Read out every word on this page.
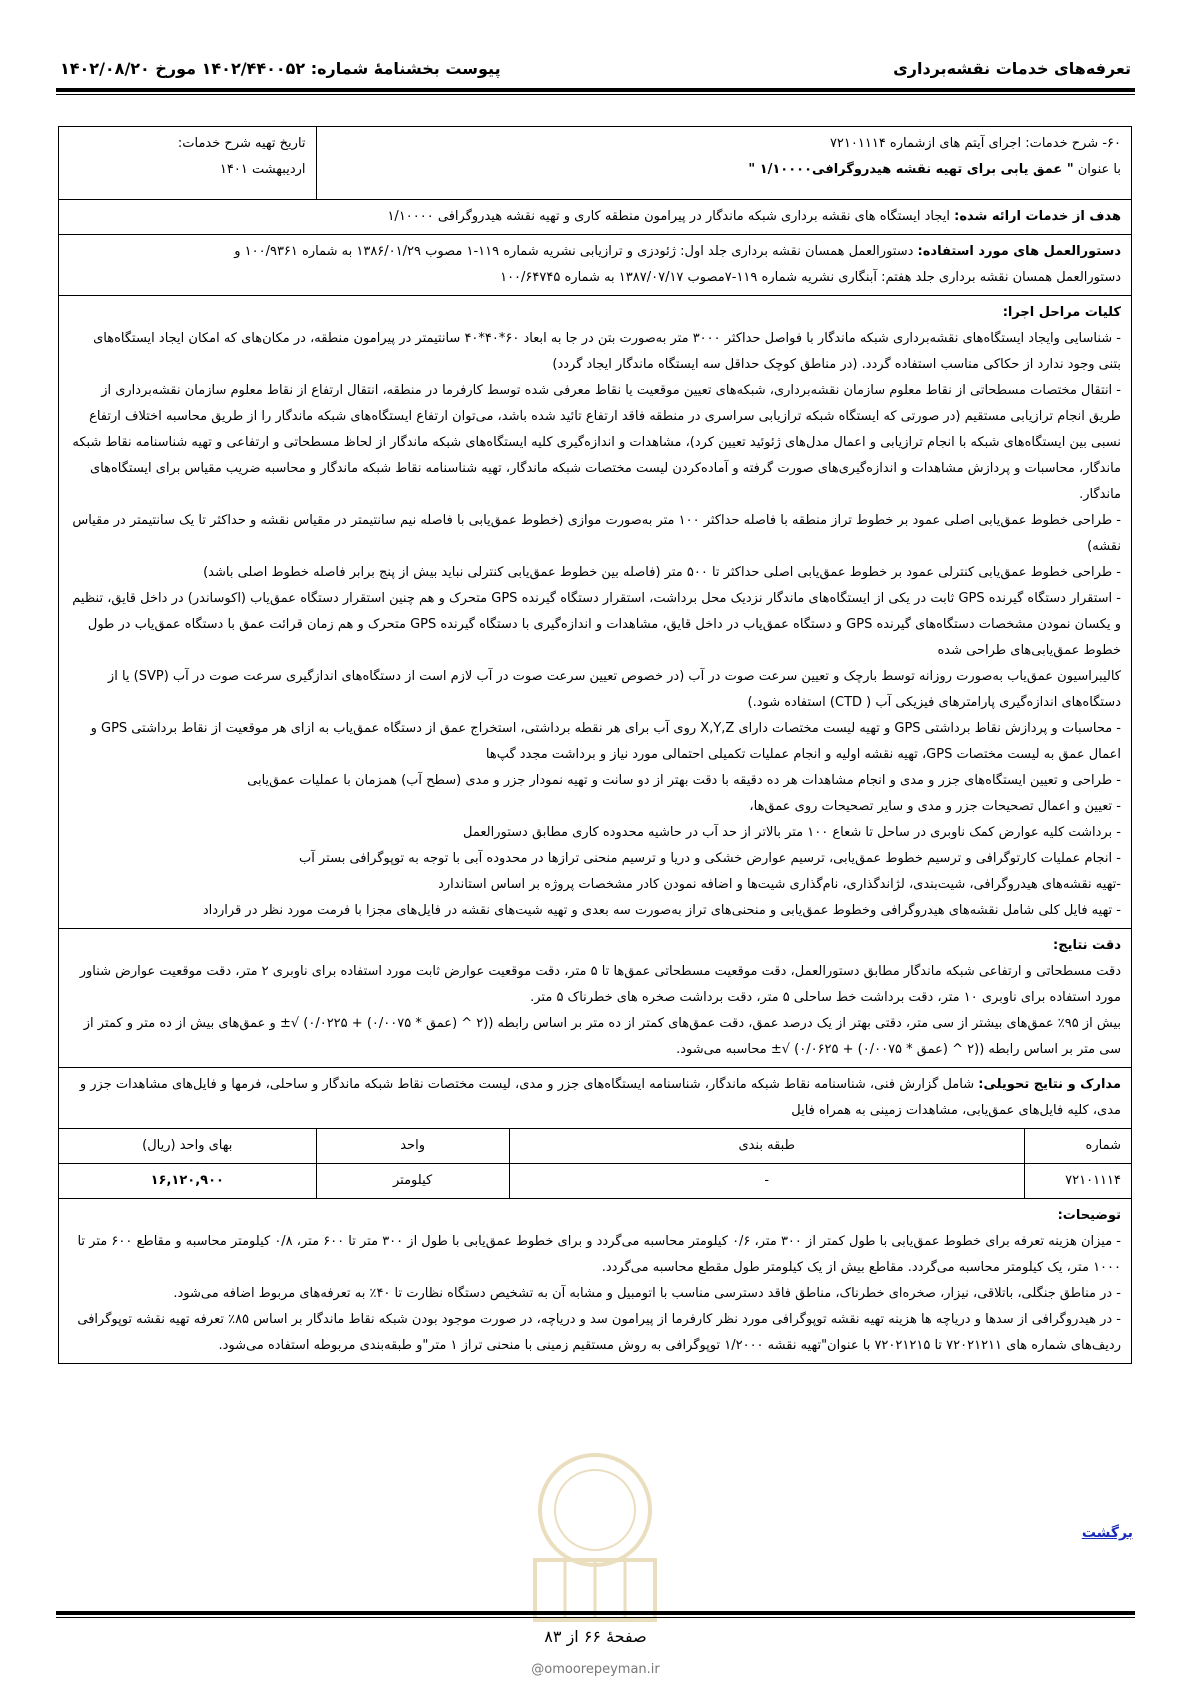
تعرفه‌های خدمات نقشه‌برداری
پیوست بخشنامهٔ شماره: ۱۴۰۲/۴۴۰۰۵۲ مورخ ۱۴۰۲/۰۸/۲۰
۶۰- شرح خدمات: اجرای آیتم های ازشماره ۷۲۱۰۱۱۱۴
با عنوان " عمق یابی برای تهیه نقشه هیدروگرافی۱/۱۰۰۰۰ "

تاریخ تهیه شرح خدمات:
اردیبهشت ۱۴۰۱

هدف از خدمات ارائه شده: ایجاد ایستگاه های نقشه برداری شبکه ماندگار در پیرامون منطقه کاری و تهیه نقشه هیدروگرافی ۱/۱۰۰۰۰

دستورالعمل های مورد استفاده: دستورالعمل همسان نقشه برداری جلد اول: ژئودزی و ترازیابی نشریه شماره ۱۱۹-۱ مصوب ۱۳۸۶/۰۱/۲۹ به شماره ۱۰۰/۹۳۶۱ و
دستورالعمل همسان نقشه برداری جلد هفتم: آبنگاری نشریه شماره ۱۱۹-۷مصوب ۱۳۸۷/۰۷/۱۷ به شماره ۱۰۰/۶۴۷۴۵

کلیات مراحل اجرا:
- شناسایی وایجاد ایستگاه‌های نقشه‌برداری شبکه ماندگار با فواصل حداکثر ۳۰۰۰ متر به‌صورت بتن در جا به ابعاد ۶۰*۴۰*۴۰ سانتیمتر در پیرامون منطقه، در مکان‌های که امکان ایجاد ایستگاه‌های بتنی وجود ندارد از حکاکی مناسب استفاده گردد. (در مناطق کوچک حداقل سه ایستگاه ماندگار ایجاد گردد)
- انتقال مختصات مسطحاتی از نقاط معلوم سازمان نقشه‌برداری، شبکه‌های تعیین موقعیت یا نقاط معرفی شده توسط کارفرما در منطقه، انتقال ارتفاع از نقاط معلوم سازمان نقشه‌برداری از طریق انجام ترازیابی مستقیم (در صورتی که ایستگاه شبکه ترازیابی سراسری در منطقه فاقد ارتفاع تائید شده باشد، می‌توان ارتفاع ایستگاه‌های شبکه ماندگار را از طریق محاسبه اختلاف ارتفاع نسبی بین ایستگاه‌های شبکه با انجام ترازیابی و اعمال مدل‌های ژئوئید تعیین کرد)، مشاهدات و اندازه‌گیری کلیه ایستگاه‌های شبکه ماندگار از لحاظ مسطحاتی و ارتفاعی و تهیه شناسنامه نقاط شبکه ماندگار، محاسبات و پردازش مشاهدات و اندازه‌گیری‌های صورت گرفته و آماده‌کردن لیست مختصات شبکه ماندگار، تهیه شناسنامه نقاط شبکه ماندگار و محاسبه ضریب مقیاس برای ایستگاه‌های ماندگار.
- طراحی خطوط عمق‌یابی اصلی عمود بر خطوط تراز منطقه با فاصله حداکثر ۱۰۰ متر به‌صورت موازی (خطوط عمق‌یابی با فاصله نیم سانتیمتر در مقیاس نقشه و حداکثر تا یک سانتیمتر در مقیاس نقشه)
- طراحی خطوط عمق‌یابی کنترلی عمود بر خطوط عمق‌یابی اصلی حداکثر تا ۵۰۰ متر (فاصله بین خطوط عمق‌یابی کنترلی نباید بیش از پنج برابر فاصله خطوط اصلی باشد)
- استقرار دستگاه گیرنده GPS ثابت در یکی از ایستگاه‌های ماندگار نزدیک محل برداشت، استقرار دستگاه گیرنده GPS متحرک و هم چنین استقرار دستگاه عمق‌یاب (اکوساندر) در داخل قایق، تنظیم و یکسان نمودن مشخصات دستگاه‌های گیرنده GPS و دستگاه عمق‌یاب در داخل قایق، مشاهدات و اندازه‌گیری با دستگاه گیرنده GPS متحرک و هم زمان قرائت عمق با دستگاه عمق‌یاب در طول خطوط عمق‌یابی‌های طراحی شده
کالیبراسیون عمق‌یاب به‌صورت روزانه توسط بارچک و تعیین سرعت صوت در آب (در خصوص تعیین سرعت صوت در آب لازم است از دستگاه‌های اندازگیری سرعت صوت در آب (SVP) یا از دستگاه‌های اندازه‌گیری پارامترهای فیزیکی آب ( CTD) استفاده شود.)
- محاسبات و پردازش نقاط برداشتی GPS و تهیه لیست مختصات دارای X,Y,Z روی آب برای هر نقطه برداشتی، استخراج عمق از دستگاه عمق‌یاب به ازای هر موقعیت از نقاط برداشتی GPS و اعمال عمق به لیست مختصات GPS، تهیه نقشه اولیه و انجام عملیات تکمیلی احتمالی مورد نیاز و برداشت مجدد گپ‌ها
- طراحی و تعیین ایستگاه‌های جزر و مدی و انجام مشاهدات هر ده دقیقه با دقت بهتر از دو سانت و تهیه نمودار جزر و مدی (سطح آب) همزمان با عملیات عمق‌یابی
- تعیین و اعمال تصحیحات جزر و مدی و سایر تصحیحات روی عمق‌ها،
- برداشت کلیه عوارض کمک ناوبری در ساحل تا شعاع ۱۰۰ متر بالاتر از حد آب در حاشیه محدوده کاری مطابق دستورالعمل
- انجام عملیات کارتوگرافی و ترسیم خطوط عمق‌یابی، ترسیم عوارض خشکی و دریا و ترسیم منحنی ترازها در محدوده آبی با توجه به توپوگرافی بستر آب
-تهیه نقشه‌های هیدروگرافی، شیت‌بندی، لژاندگذاری، نام‌گذاری شیت‌ها و اضافه نمودن کادر مشخصات پروژه بر اساس استاندارد
- تهیه فایل کلی شامل نقشه‌های هیدروگرافی وخطوط عمق‌یابی و منحنی‌های تراز به‌صورت سه بعدی و تهیه شیت‌های نقشه در فایل‌های مجزا با فرمت مورد نظر در قرارداد

دقت نتایج:
دقت مسطحاتی و ارتفاعی شبکه ماندگار مطابق دستورالعمل، دقت موقعیت مسطحاتی عمق‌ها تا ۵ متر، دقت موقعیت عوارض ثابت مورد استفاده برای ناوبری ۲ متر، دقت موقعیت عوارض شناور مورد استفاده برای ناوبری ۱۰ متر، دقت برداشت خط ساحلی ۵ متر، دقت برداشت صخره های خطرناک ۵ متر.
بیش از ۹۵٪ عمق‌های بیشتر از سی متر، دقتی بهتر از یک درصد عمق، دقت عمق‌های کمتر از ده متر بر اساس رابطه ((۲ ^ (عمق * ۰/۰۰۷۵) + ۰/۰۲۲۵) √± و عمق‌های بیش از ده متر و کمتر از سی متر بر اساس رابطه ((۲ ^ (عمق * ۰/۰۰۷۵) + ۰/۰۶۲۵) √± محاسبه می‌شود.

مدارک و نتایج تحویلی: شامل گزارش فنی، شناسنامه نقاط شبکه ماندگار، شناسنامه ایستگاه‌های جزر و مدی، لیست مختصات نقاط شبکه ماندگار و ساحلی، فرمها و فایل‌های مشاهدات جزر و مدی، کلیه فایل‌های عمق‌یابی، مشاهدات زمینی به همراه فایل
شماره	طبقه بندی	واحد	بهای واحد (ریال)
۷۲۱۰۱۱۱۴	-	کیلومتر	۱۶,۱۲۰,۹۰۰
توضیحات:
- میزان هزینه تعرفه برای خطوط عمق‌یابی با طول کمتر از ۳۰۰ متر، ۰/۶ کیلومتر محاسبه می‌گردد و برای خطوط عمق‌یابی با طول از ۳۰۰ متر تا ۶۰۰ متر، ۰/۸ کیلومتر محاسبه و مقاطع ۶۰۰ متر تا ۱۰۰۰ متر، یک کیلومتر محاسبه می‌گردد. مقاطع بیش از یک کیلومتر طول مقطع محاسبه می‌گردد.
- در مناطق جنگلی، باتلاقی، نیزار، صخره‌ای خطرناک، مناطق فاقد دسترسی مناسب با اتومبیل و مشابه آن به تشخیص دستگاه نظارت تا ۴۰٪ به تعرفه‌های مربوط اضافه می‌شود.
- در هیدروگرافی از سدها و دریاچه ها هزینه تهیه نقشه توپوگرافی مورد نظر کارفرما از پیرامون سد و دریاچه، در صورت موجود بودن شبکه نقاط ماندگار بر اساس ۸۵٪ تعرفه تهیه نقشه توپوگرافی ردیف‌های شماره های ۷۲۰۲۱۲۱۱ تا ۷۲۰۲۱۲۱۵ با عنوان"تهیه نقشه ۱/۲۰۰۰ توپوگرافی به روش مستقیم زمینی با منحنی تراز ۱ متر"و طبقه‌بندی مربوطه استفاده می‌شود.
برگشت
صفحهٔ ۶۶ از ۸۳
@omoorepeyman.ir
